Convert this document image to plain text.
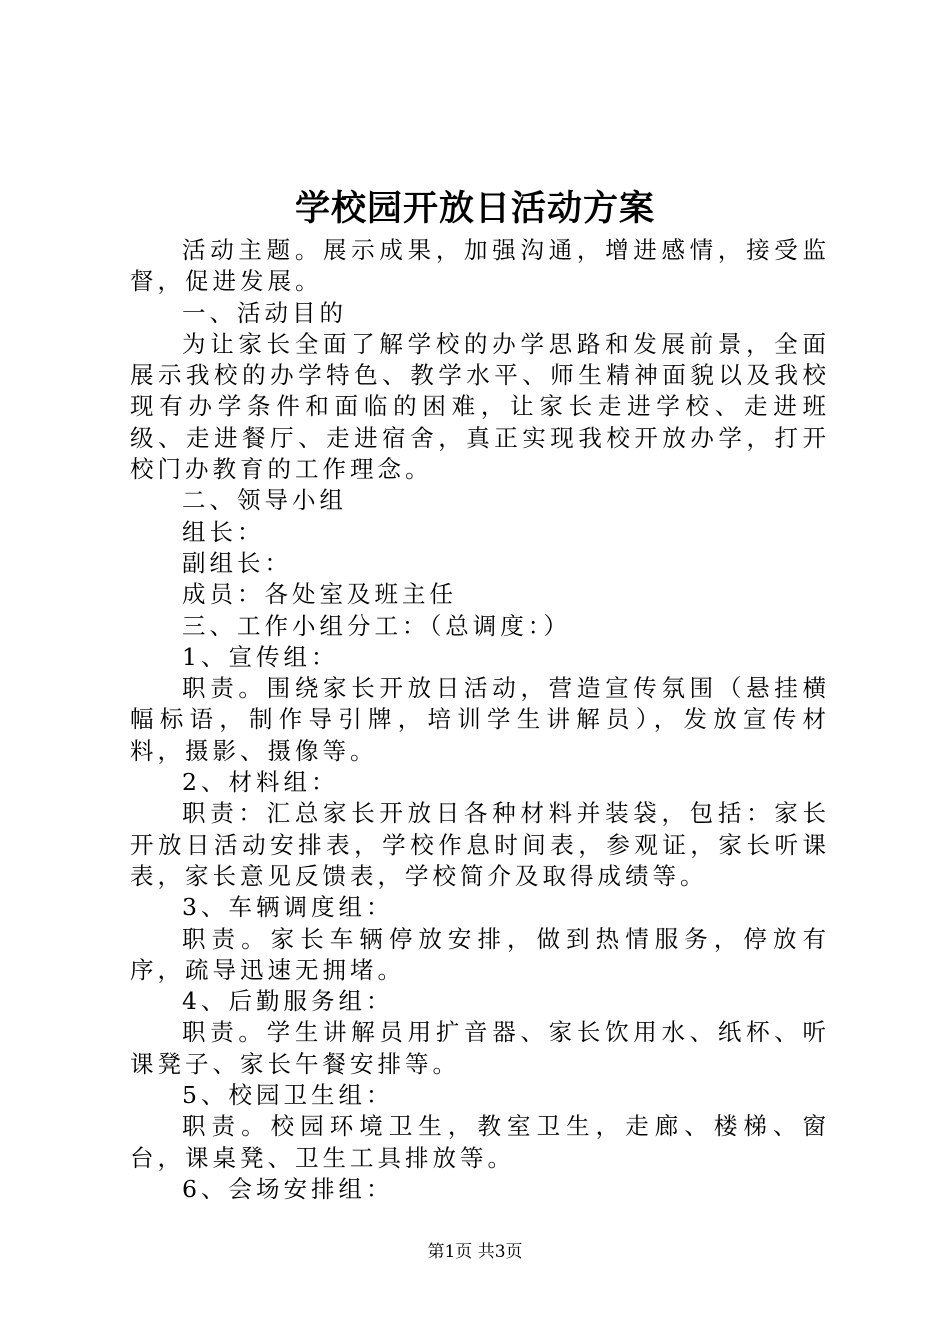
学校园开放日活动方案

活动主题。展示成果，加强沟通，增进感情，接受监督，促进发展。

一、活动目的

为让家长全面了解学校的办学思路和发展前景，全面展示我校的办学特色、教学水平、师生精神面貌以及我校现有办学条件和面临的困难，让家长走进学校、走进班级、走进餐厅、走进宿舍，真正实现我校开放办学，打开校门办教育的工作理念。

二、领导小组

组长：

副组长：

成员：各处室及班主任

三、工作小组分工：（总调度：）

1、宣传组：

职责。围绕家长开放日活动，营造宣传氛围（悬挂横幅标语，制作导引牌，培训学生讲解员），发放宣传材料，摄影、摄像等。

2、材料组：

职责：汇总家长开放日各种材料并装袋，包括：家长开放日活动安排表，学校作息时间表，参观证，家长听课表，家长意见反馈表，学校简介及取得成绩等。

3、车辆调度组：

职责。家长车辆停放安排，做到热情服务，停放有序，疏导迅速无拥堵。

4、后勤服务组：

职责。学生讲解员用扩音器、家长饮用水、纸杯、听课凳子、家长午餐安排等。

5、校园卫生组：

职责。校园环境卫生，教室卫生，走廊、楼梯、窗台，课桌凳、卫生工具排放等。

6、会场安排组：

第1页 共3页
